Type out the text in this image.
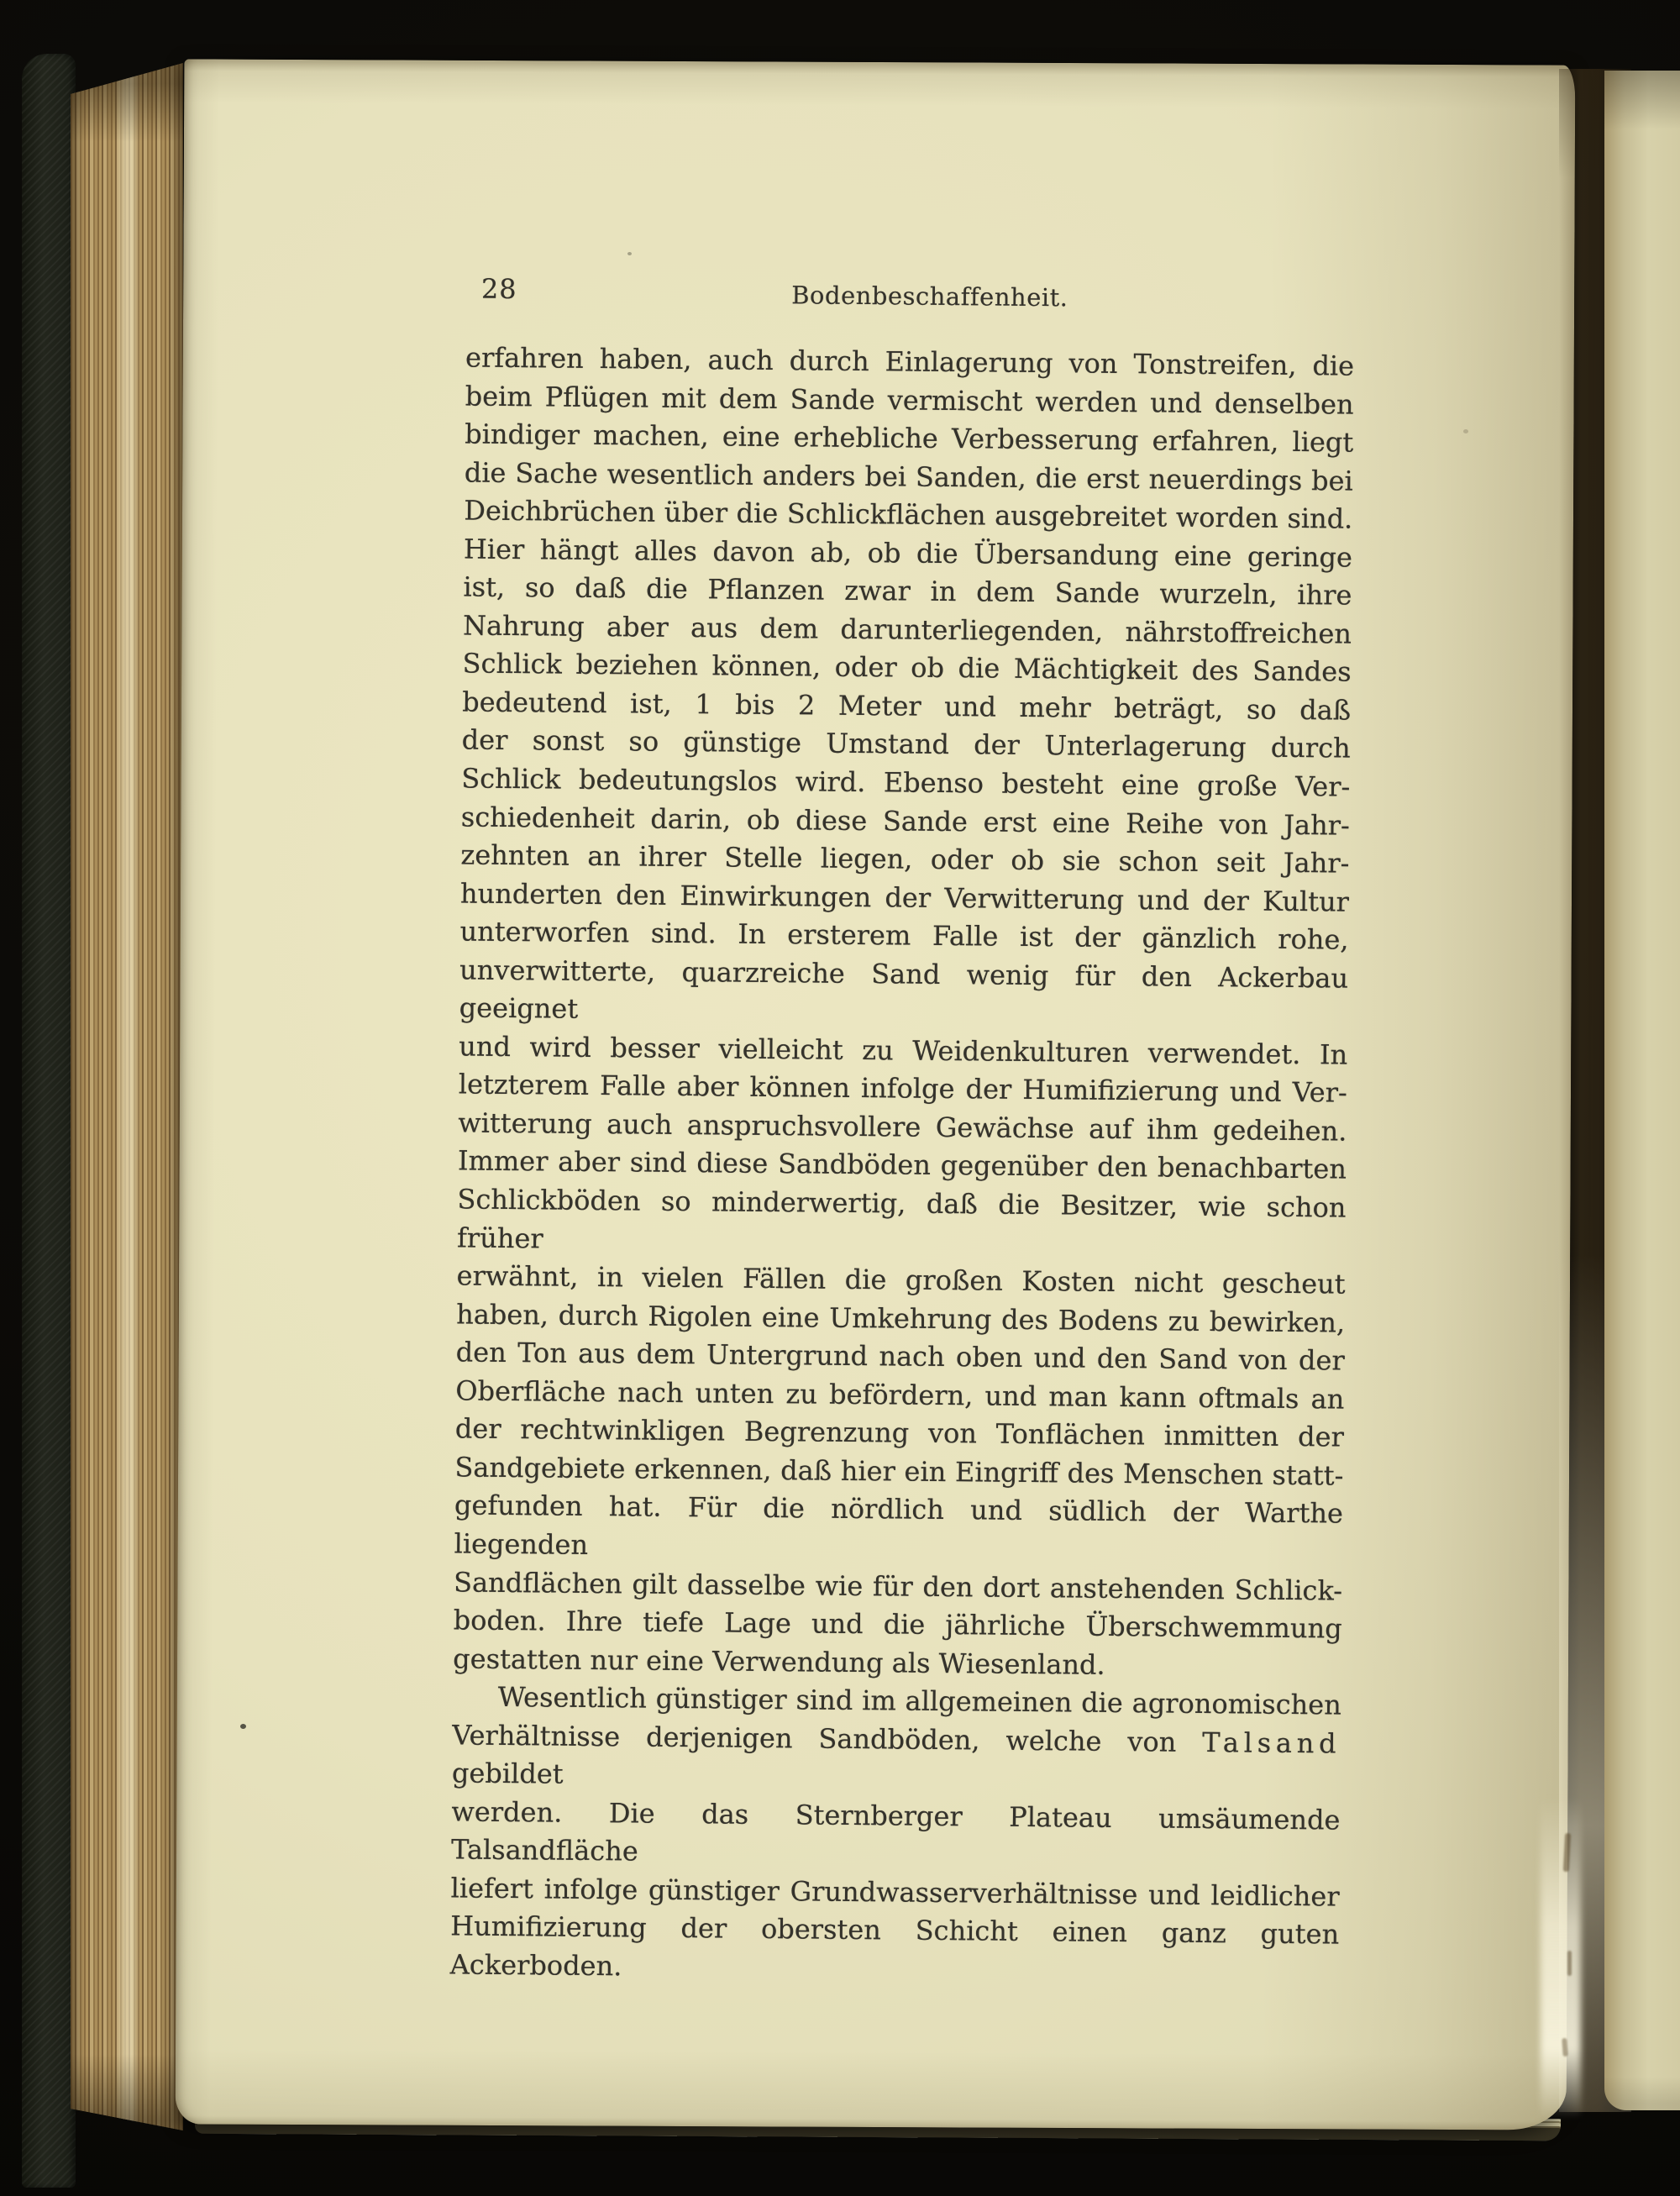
28	Bodenbeschaffenheit.
erfahren haben, auch durch Einlagerung von Tonstreifen, die
beim Pflügen mit dem Sande vermischt werden und denselben
bindiger machen, eine erhebliche Verbesserung erfahren, liegt
die Sache wesentlich anders bei Sanden, die erst neuerdings bei
Deichbrüchen über die Schlickflächen ausgebreitet worden sind.
Hier hängt alles davon ab, ob die Übersandung eine geringe
ist, so daß die Pflanzen zwar in dem Sande wurzeln, ihre
Nahrung aber aus dem darunterliegenden, nährstoffreichen
Schlick beziehen können, oder ob die Mächtigkeit des Sandes
bedeutend ist, 1 bis 2 Meter und mehr beträgt, so daß
der sonst so günstige Umstand der Unterlagerung durch
Schlick bedeutungslos wird. Ebenso besteht eine große Ver-
schiedenheit darin, ob diese Sande erst eine Reihe von Jahr-
zehnten an ihrer Stelle liegen, oder ob sie schon seit Jahr-
hunderten den Einwirkungen der Verwitterung und der Kultur
unterworfen sind. In ersterem Falle ist der gänzlich rohe,
unverwitterte, quarzreiche Sand wenig für den Ackerbau geeignet
und wird besser vielleicht zu Weidenkulturen verwendet. In
letzterem Falle aber können infolge der Humifizierung und Ver-
witterung auch anspruchsvollere Gewächse auf ihm gedeihen.
Immer aber sind diese Sandböden gegenüber den benachbarten
Schlickböden so minderwertig, daß die Besitzer, wie schon früher
erwähnt, in vielen Fällen die großen Kosten nicht gescheut
haben, durch Rigolen eine Umkehrung des Bodens zu bewirken,
den Ton aus dem Untergrund nach oben und den Sand von der
Oberfläche nach unten zu befördern, und man kann oftmals an
der rechtwinkligen Begrenzung von Tonflächen inmitten der
Sandgebiete erkennen, daß hier ein Eingriff des Menschen statt-
gefunden hat. Für die nördlich und südlich der Warthe liegenden
Sandflächen gilt dasselbe wie für den dort anstehenden Schlick-
boden. Ihre tiefe Lage und die jährliche Überschwemmung
gestatten nur eine Verwendung als Wiesenland.
Wesentlich günstiger sind im allgemeinen die agronomischen
Verhältnisse derjenigen Sandböden, welche von Talsand gebildet
werden. Die das Sternberger Plateau umsäumende Talsandfläche
liefert infolge günstiger Grundwasserverhältnisse und leidlicher
Humifizierung der obersten Schicht einen ganz guten Ackerboden.
